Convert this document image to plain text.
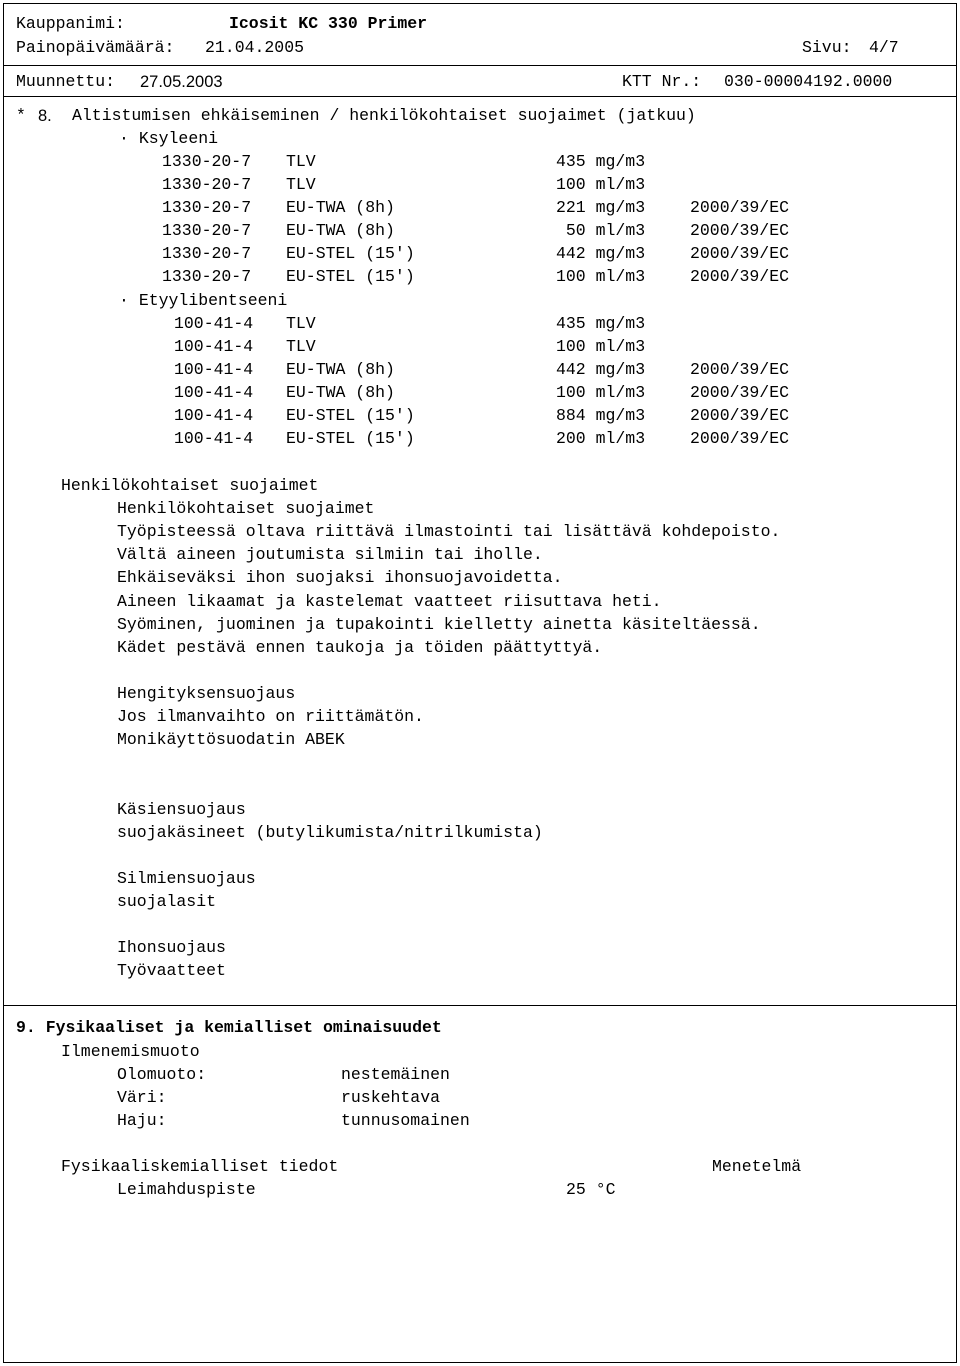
Kauppanimi:	Icosit KC 330 Primer
Painopäivämäärä: 21.04.2005	Sivu: 4/7
Muunnettu: 27.05.2003	KTT Nr.: 030-00004192.0000
* 8. Altistumisen ehkäiseminen / henkilökohtaiset suojaimet (jatkuu)
· Ksyleeni
1330-20-7 TLV	435 mg/m3
1330-20-7 TLV	100 ml/m3
1330-20-7 EU-TWA (8h)	221 mg/m3	2000/39/EC
1330-20-7 EU-TWA (8h)	50 ml/m3	2000/39/EC
1330-20-7 EU-STEL (15')	442 mg/m3	2000/39/EC
1330-20-7 EU-STEL (15')	100 ml/m3	2000/39/EC
· Etyylibentseeni
100-41-4 TLV	435 mg/m3
100-41-4 TLV	100 ml/m3
100-41-4 EU-TWA (8h)	442 mg/m3	2000/39/EC
100-41-4 EU-TWA (8h)	100 ml/m3	2000/39/EC
100-41-4 EU-STEL (15')	884 mg/m3	2000/39/EC
100-41-4 EU-STEL (15')	200 ml/m3	2000/39/EC
Henkilökohtaiset suojaimet
Henkilökohtaiset suojaimet
Työpisteessä oltava riittävä ilmastointi tai lisättävä kohdepoisto.
Vältä aineen joutumista silmiin tai iholle.
Ehkäiseväksi ihon suojaksi ihonsuojavoidetta.
Aineen likaamat ja kastelemat vaatteet riisuttava heti.
Syöminen, juominen ja tupakointi kielletty ainetta käsiteltäessä.
Kädet pestävä ennen taukoja ja töiden päättyttyä.
Hengityksensuojaus
Jos ilmanvaihto on riittämätön.
Monikäyttösuodatin ABEK
Käsiensuojaus
suojakäsineet (butylikumista/nitrilkumista)
Silmiensuojaus
suojalasit
Ihonsuojaus
Työvaatteet
9. Fysikaaliset ja kemialliset ominaisuudet
Ilmenemismuoto
Olomuoto:	nestemäinen
Väri:	ruskehtava
Haju:	tunnusomainen
Fysikaaliskemialliset tiedot	Menetelmä
Leimahduspiste	25 °C
